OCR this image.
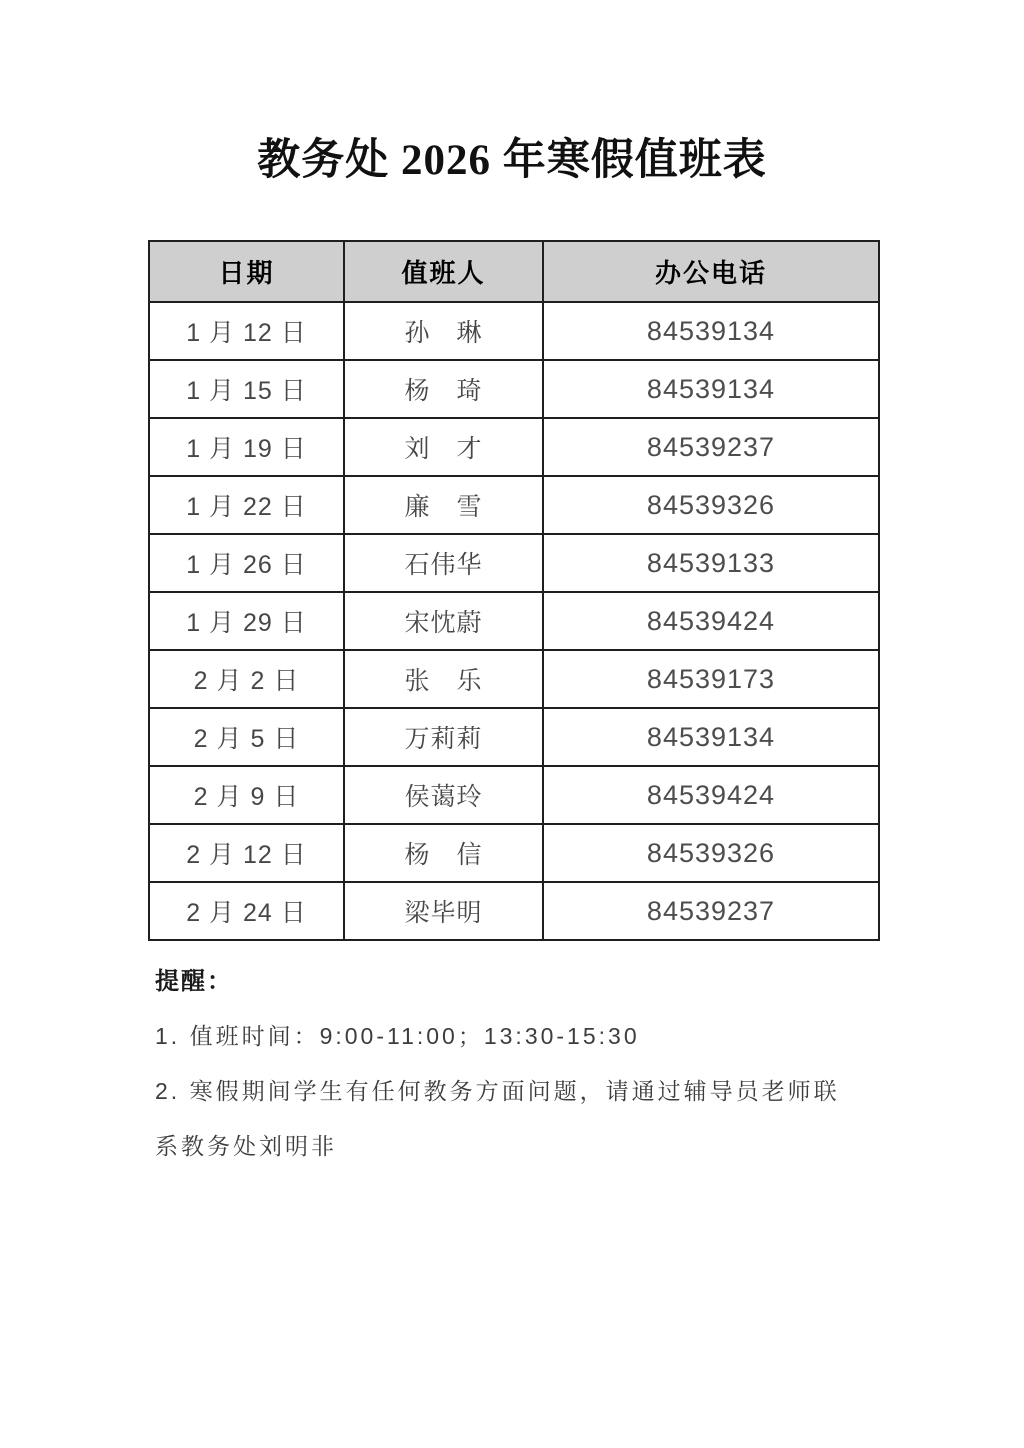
教务处 2026 年寒假值班表
日期	值班人	办公电话
1 月 12 日	孙　琳	84539134
1 月 15 日	杨　琦	84539134
1 月 19 日	刘　才	84539237
1 月 22 日	廉　雪	84539326
1 月 26 日	石伟华	84539133
1 月 29 日	宋忱蔚	84539424
2 月 2 日	张　乐	84539173
2 月 5 日	万莉莉	84539134
2 月 9 日	侯蔼玲	84539424
2 月 12 日	杨　信	84539326
2 月 24 日	梁毕明	84539237

提醒：

1. 值班时间：9:00-11:00；13:30-15:30

2. 寒假期间学生有任何教务方面问题，请通过辅导员老师联系教务处刘明非
